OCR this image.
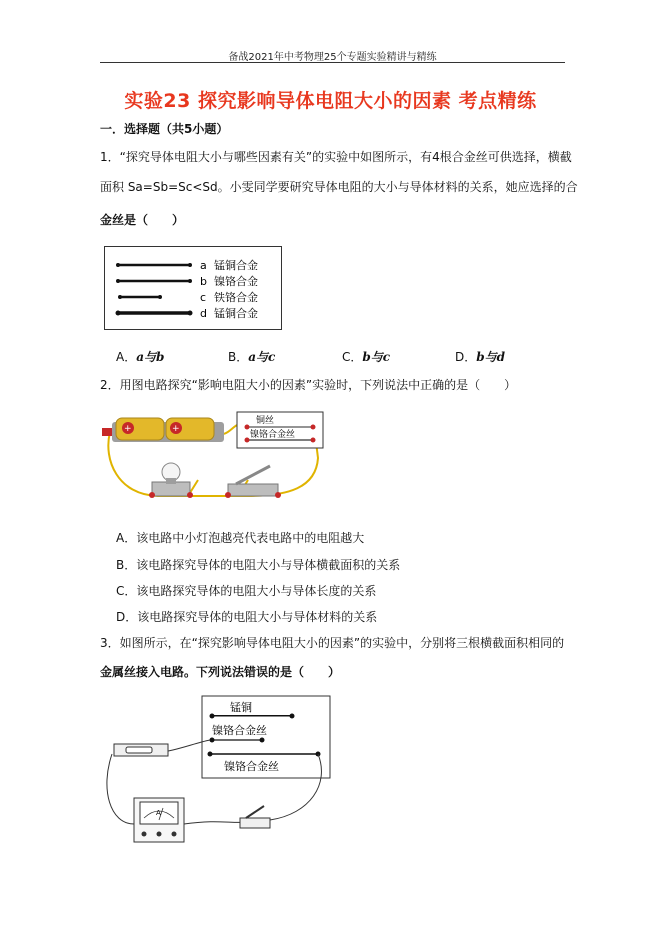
备战2021年中考物理25个专题实验精讲与精练
实验23 探究影响导体电阻大小的因素 考点精练
一．选择题（共5小题）
1．“探究导体电阻大小与哪些因素有关”的实验中如图所示，有4根合金丝可供选择，横截
面积 Sa=Sb=Sc<Sd。小雯同学要研究导体电阻的大小与导体材料的关系，她应选择的合
金丝是（　　）
a 锰铜合金
b 镍铬合金
c 铁铬合金
d 锰铜合金
A．a与b	B．a与c	C．b与c	D．b与d
2．用图电路探究“影响电阻大小的因素”实验时，下列说法中正确的是（　　）
+	+
铜丝
镍铬合金丝
A．该电路中小灯泡越亮代表电路中的电阻越大
B．该电路探究导体的电阻大小与导体横截面积的关系
C．该电路探究导体的电阻大小与导体长度的关系
D．该电路探究导体的电阻大小与导体材料的关系
3．如图所示，在“探究影响导体电阻大小的因素”的实验中，分别将三根横截面积相同的
金属丝接入电路。下列说法错误的是（　　）
锰铜
镍铬合金丝
镍铬合金丝
A
